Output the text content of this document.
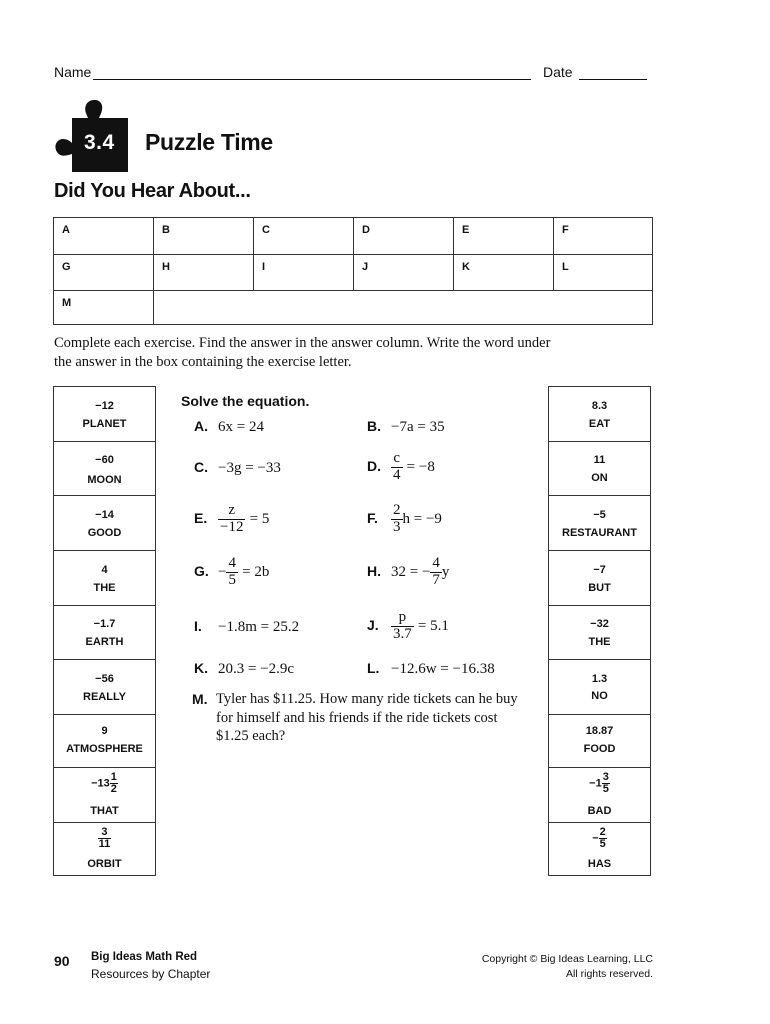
Name	Date
3.4 Puzzle Time
Did You Hear About...
A	B	C	D	E	F
G	H	I	J	K	L
M
Complete each exercise. Find the answer in the answer column. Write the word under the answer in the box containing the exercise letter.
−12
PLANET
−60
MOON
−14
GOOD
4
THE
−1.7
EARTH
−56
REALLY
9
ATMOSPHERE
$-13 \frac{1}{2}$
THAT
$\frac{3}{11}$
ORBIT
8.3
EAT
11
ON
−5
RESTAURANT
−7
BUT
−32
THE
1.3
NO
18.87
FOOD
$-1 \frac{3}{5}$
BAD
− $\frac{2}{5}$
HAS
Solve the equation.
A. 6x = 24	B. −7a = 35
C. −3g = −33	D. $\frac{c}{4} = -8$
E. $\frac{z}{-12} = 5$	F. $\frac{2}{3}$ h = −9
G. − $\frac{4}{5} = 2b$	H. 32 = − $\frac{4}{7}$ y
I. −1.8m = 25.2	J. $\frac{p}{3.7} = 5.1$
K. 20.3 = −2.9c	L. −12.6w = −16.38
M. Tyler has $11.25. How many ride tickets can he buy for himself and his friends if the ride tickets cost $1.25 each?
90 Big Ideas Math Red
Resources by Chapter
Copyright © Big Ideas Learning, LLC
All rights reserved.
